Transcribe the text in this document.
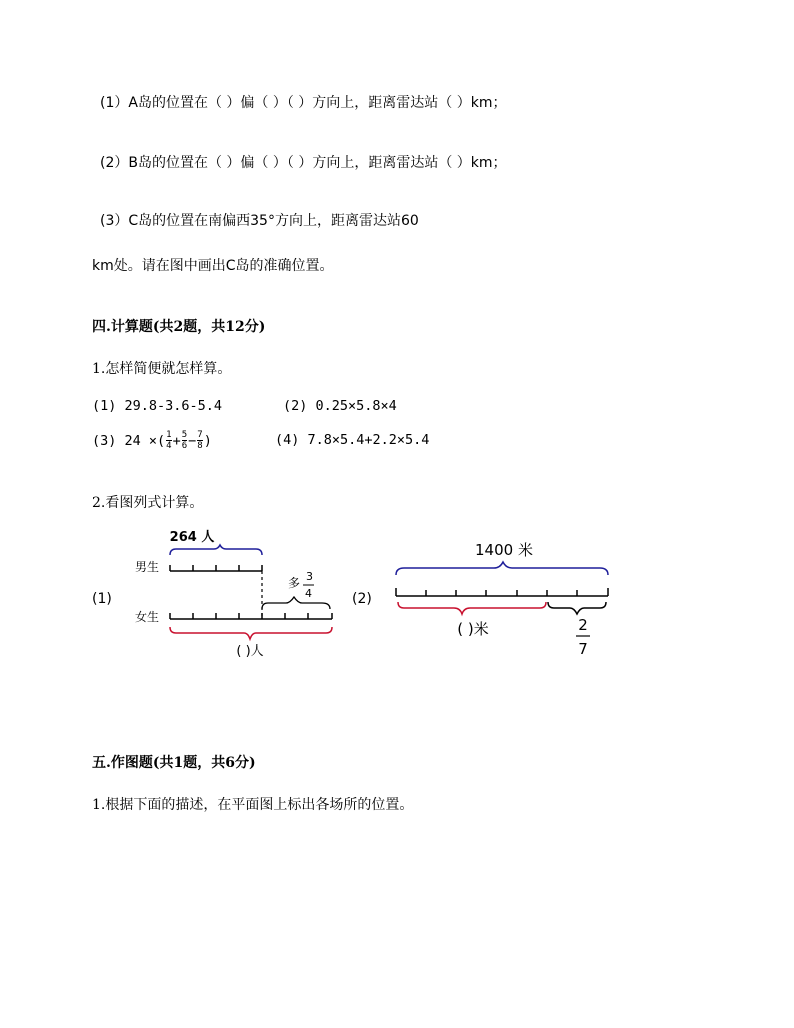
(1）A岛的位置在（ ）偏（ ）（ ）方向上，距离雷达站（ ）km；
(2）B岛的位置在（ ）偏（ ）（ ）方向上，距离雷达站（ ）km；
(3）C岛的位置在南偏西35°方向上，距离雷达站60
km处。请在图中画出C岛的准确位置。
四.计算题(共2题，共12分)
1.怎样简便就怎样算。
(1) 29.8-3.6-5.4	(2) 0.25×5.8×4
(3) 24 ×( $\frac{1}{4} + \frac{5}{6} - \frac{7}{8}$ )	(4) 7.8×5.4+2.2×5.4
2.看图列式计算。
(1)
264 人
男生
多 3
4
女生
( )人
(2)
1400 米
( )米	2
7
五.作图题(共1题，共6分)
1.根据下面的描述，在平面图上标出各场所的位置。
